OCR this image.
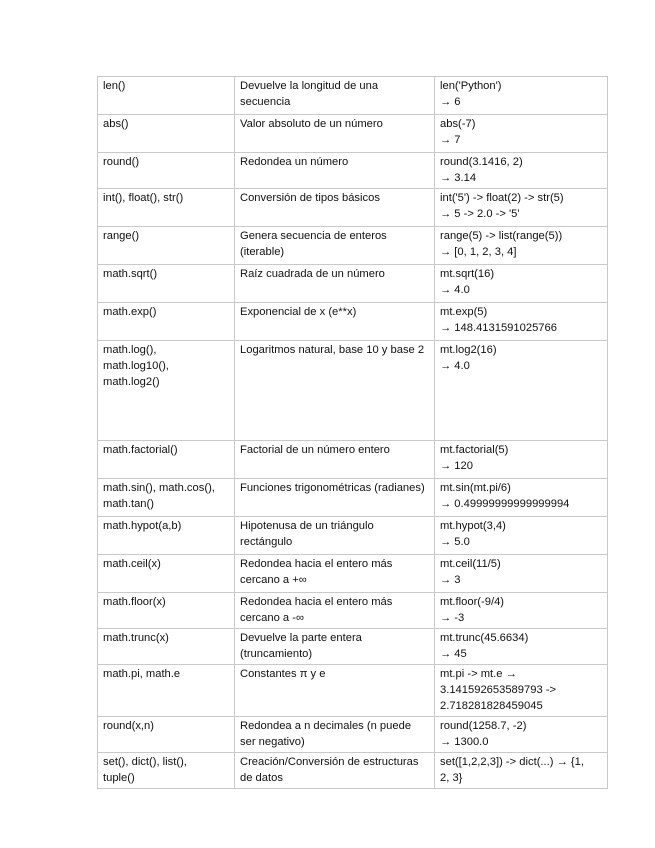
len()	Devuelve la longitud de una secuencia	len('Python')
→ 6

abs()	Valor absoluto de un número	abs(-7)
→ 7

round()	Redondea un número	round(3.1416, 2)
→ 3.14

int(), float(), str()	Conversión de tipos básicos	int('5') -> float(2) -> str(5)
→ 5 -> 2.0 -> '5'

range()	Genera secuencia de enteros (iterable)	range(5) -> list(range(5))
→ [0, 1, 2, 3, 4]

math.sqrt()	Raíz cuadrada de un número	mt.sqrt(16)
→ 4.0

math.exp()	Exponencial de x (e**x)	mt.exp(5)
→ 148.4131591025766

math.log(),
math.log10(),
math.log2()	Logaritmos natural, base 10 y base 2	mt.log2(16)
→ 4.0

math.factorial()	Factorial de un número entero	mt.factorial(5)
→ 120

math.sin(), math.cos(),
math.tan()	Funciones trigonométricas (radianes)	mt.sin(mt.pi/6)
→ 0.49999999999999994

math.hypot(a,b)	Hipotenusa de un triángulo rectángulo	mt.hypot(3,4)
→ 5.0

math.ceil(x)	Redondea hacia el entero más cercano a +∞	mt.ceil(11/5)
→ 3

math.floor(x)	Redondea hacia el entero más cercano a -∞	mt.floor(-9/4)
→ -3

math.trunc(x)	Devuelve la parte entera (truncamiento)	mt.trunc(45.6634)
→ 45

math.pi, math.e	Constantes π y e	mt.pi -> mt.e →
3.141592653589793 ->
2.718281828459045

round(x,n)	Redondea a n decimales (n puede ser negativo)	round(1258.7, -2)
→ 1300.0

set(), dict(), list(),
tuple()	Creación/Conversión de estructuras de datos	set([1,2,2,3]) -> dict(...) → {1,
2, 3}
